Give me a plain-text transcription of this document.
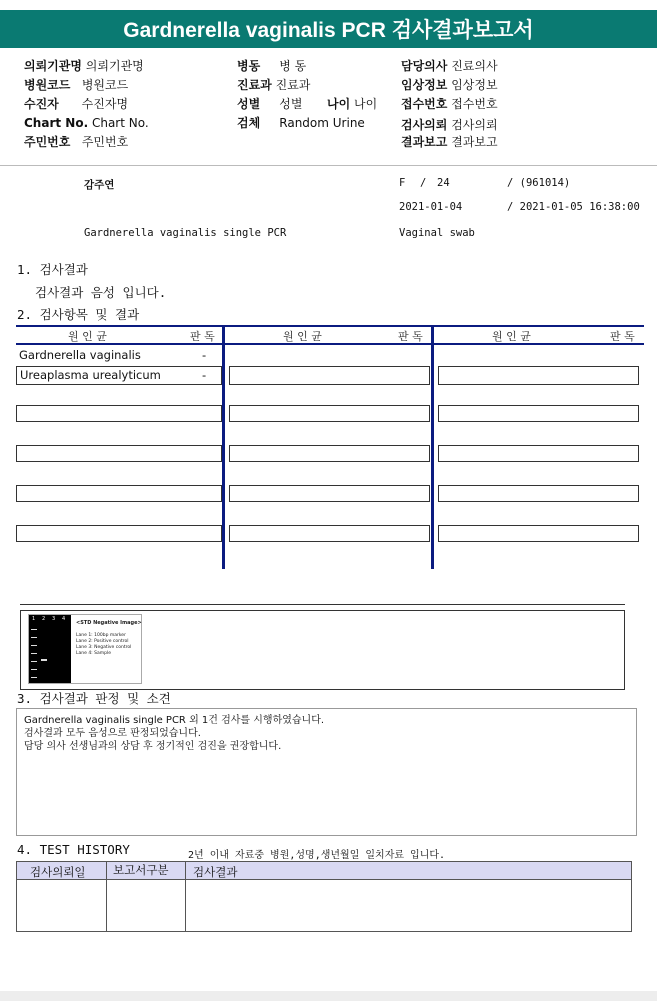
Gardnerella vaginalis PCR 검사결과보고서
의뢰기관명 의뢰기관명
병원코드 병원코드
수진자 수진자명
Chart No. Chart No.
주민번호 주민번호
병동 병 동
진료과 진료과
성별 성별 나이 나이
검체 Random Urine
담당의사 진료의사
임상정보 임상정보
접수번호 접수번호
검사의뢰 검사의뢰
결과보고 결과보고
감주연	F / 24	/ (961014)
2021-01-04	/ 2021-01-05 16:38:00
Gardnerella vaginalis single PCR	Vaginal swab
1. 검사결과
검사결과 음성 입니다.
2. 검사항목 및 결과
원 인 균	판 독	원 인 균	판 독	원 인 균	판 독
Gardnerella vaginalis	-
Ureaplasma urealyticum	-
1 2 3 4
<STD Negative Image>
Lane 1: 100bp marker
Lane 2: Positive control
Lane 3: Negative control
Lane 4: Sample
3. 검사결과 판정 및 소견
Gardnerella vaginalis single PCR 외 1건 검사를 시행하였습니다.
검사결과 모두 음성으로 판정되었습니다.
담당 의사 선생님과의 상담 후 정기적인 검진을 권장합니다.
4. TEST HISTORY	2년 이내 자료중 병원,성명,생년월일 일치자료 입니다.
검사의뢰일 보고서구분 검사결과
